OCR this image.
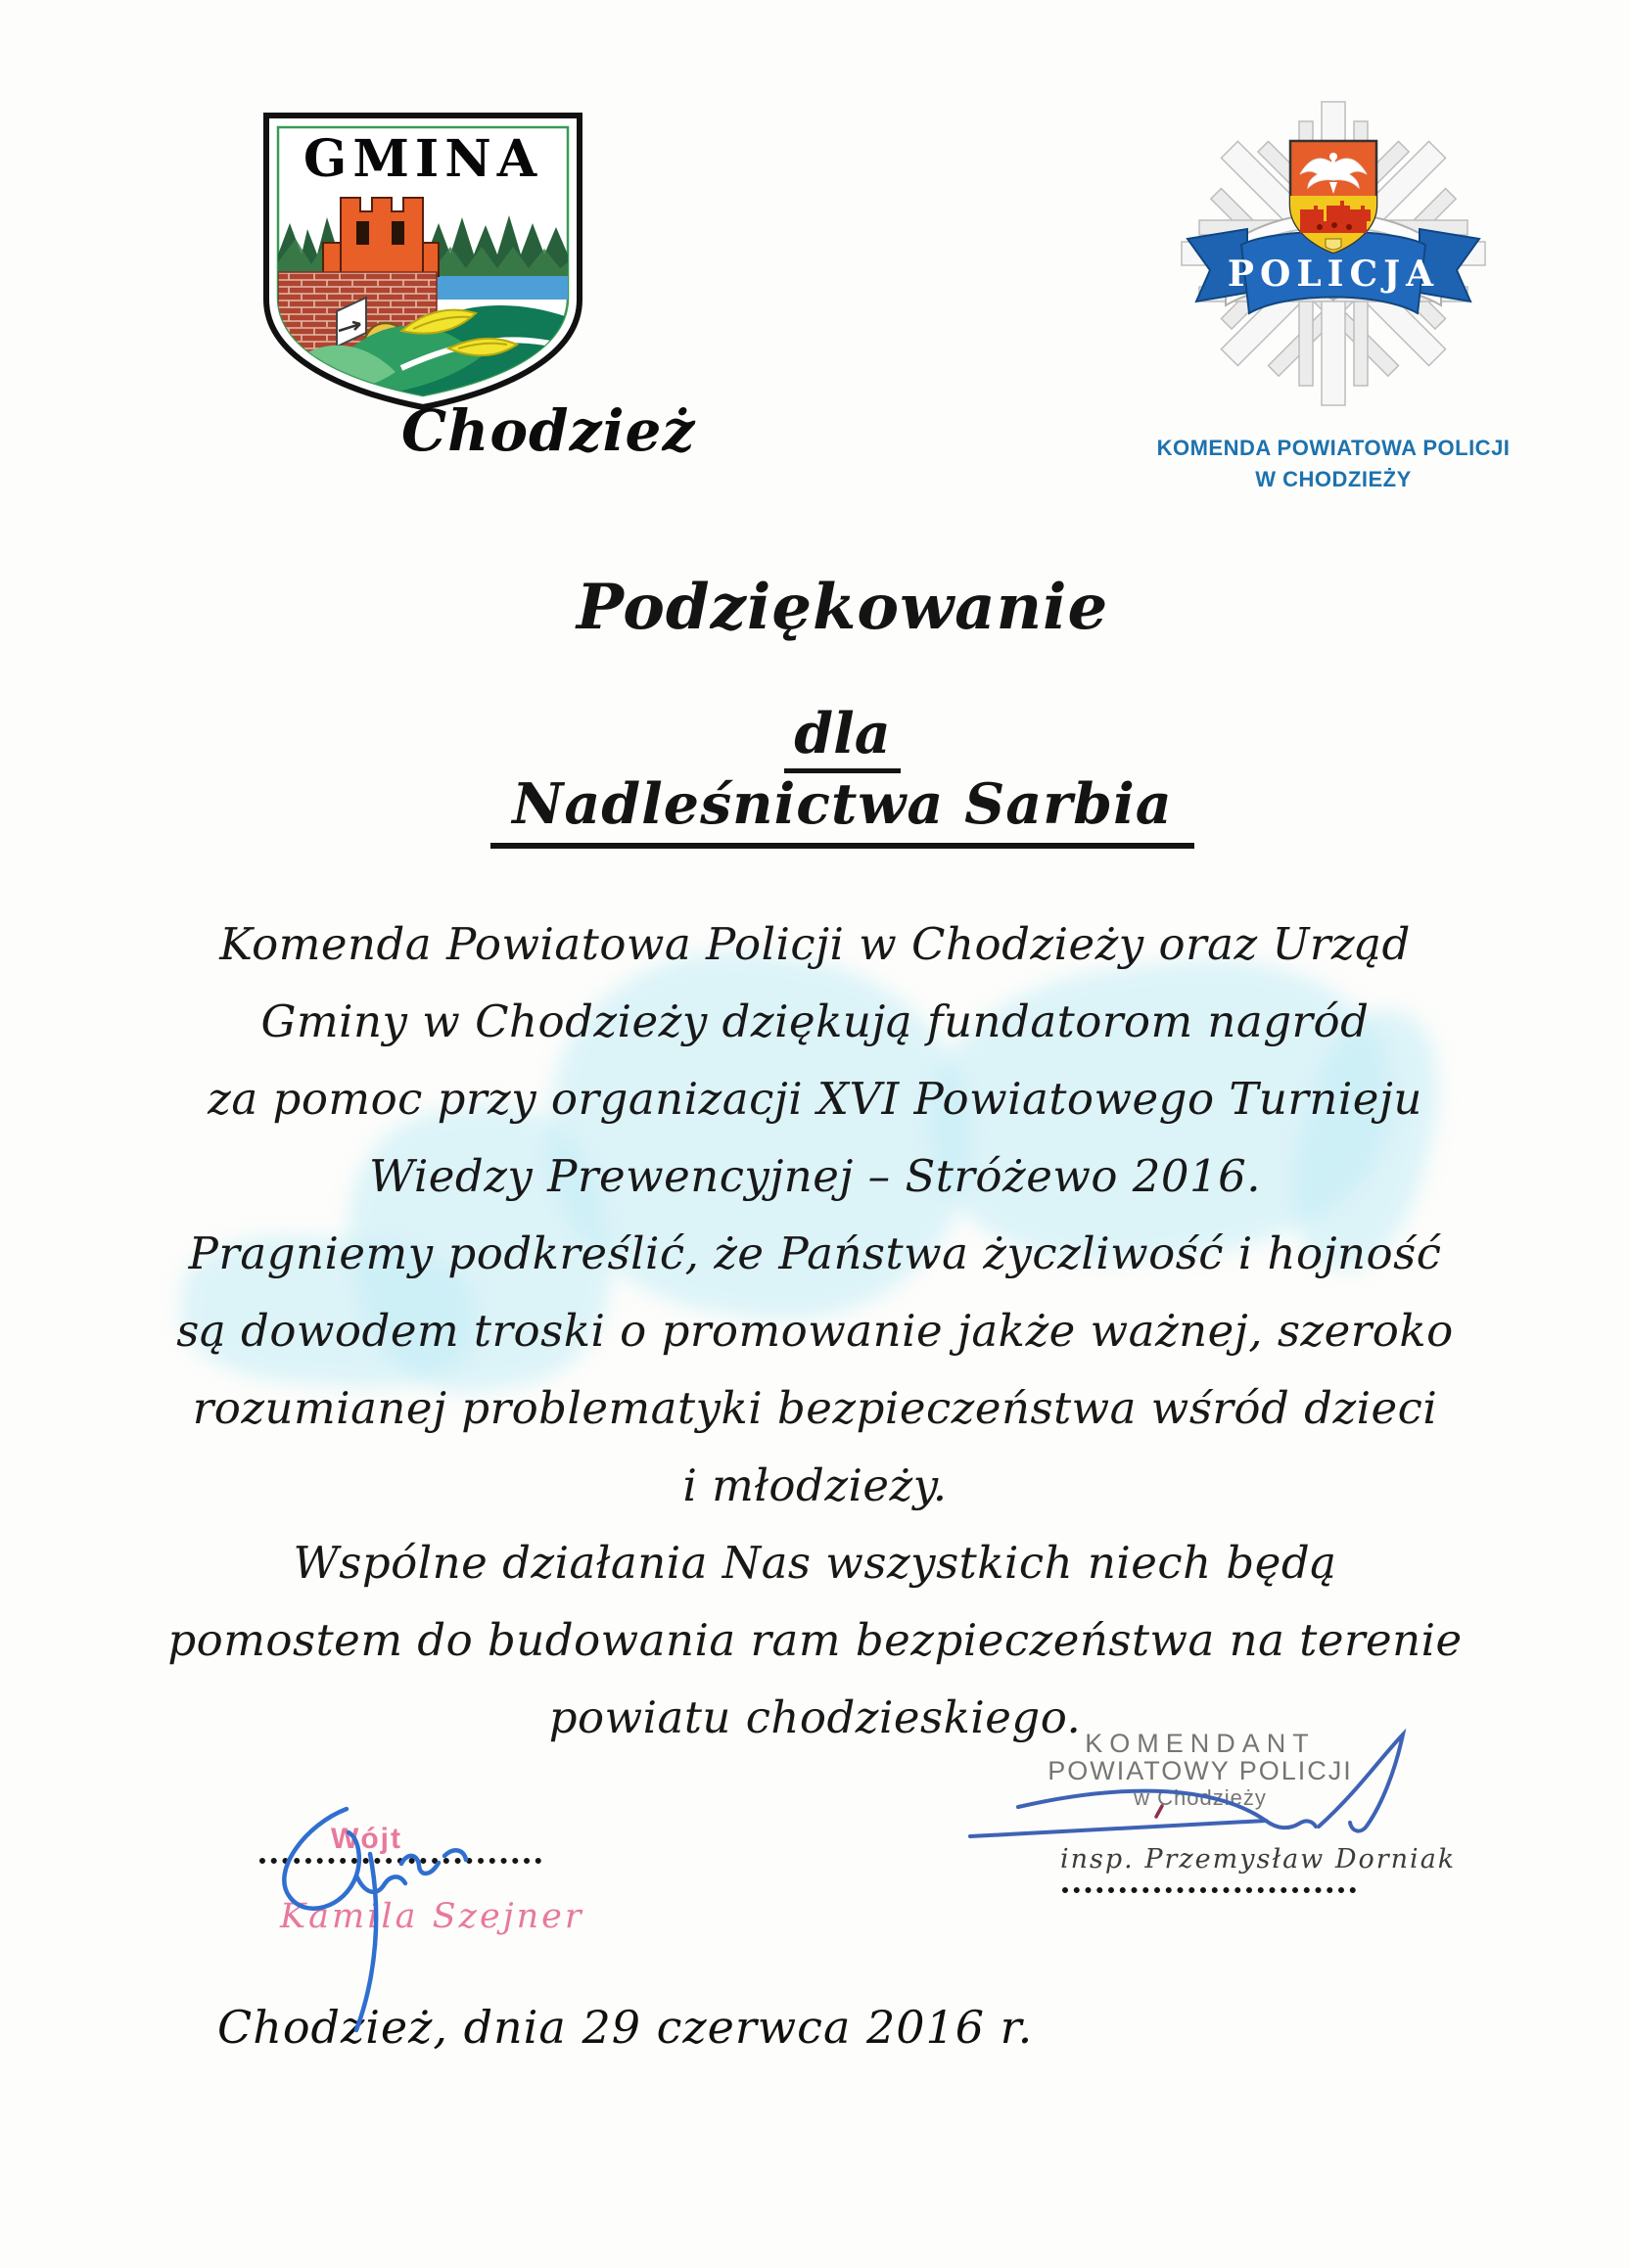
GMINA
Chodzież
POLICJA
KOMENDA POWIATOWA POLICJI
W CHODZIEŻY
Podziękowanie
dla
Nadleśnictwa Sarbia
Komenda Powiatowa Policji w Chodzieży oraz Urząd
Gminy w Chodzieży dziękują fundatorom nagród
za pomoc przy organizacji XVI Powiatowego Turnieju
Wiedzy Prewencyjnej – Stróżewo 2016.
Pragniemy podkreślić, że Państwa życzliwość i hojność
są dowodem troski o promowanie jakże ważnej, szeroko
rozumianej problematyki bezpieczeństwa wśród dzieci
i młodzieży.
Wspólne działania Nas wszystkich niech będą
pomostem do budowania ram bezpieczeństwa na terenie
powiatu chodzieskiego. KOMENDANT
POWIATOWY POLICJI
w Chodzieży
insp. Przemysław Dorniak
Wójt
Kamila Szejner
Chodzież, dnia 29 czerwca 2016 r.
